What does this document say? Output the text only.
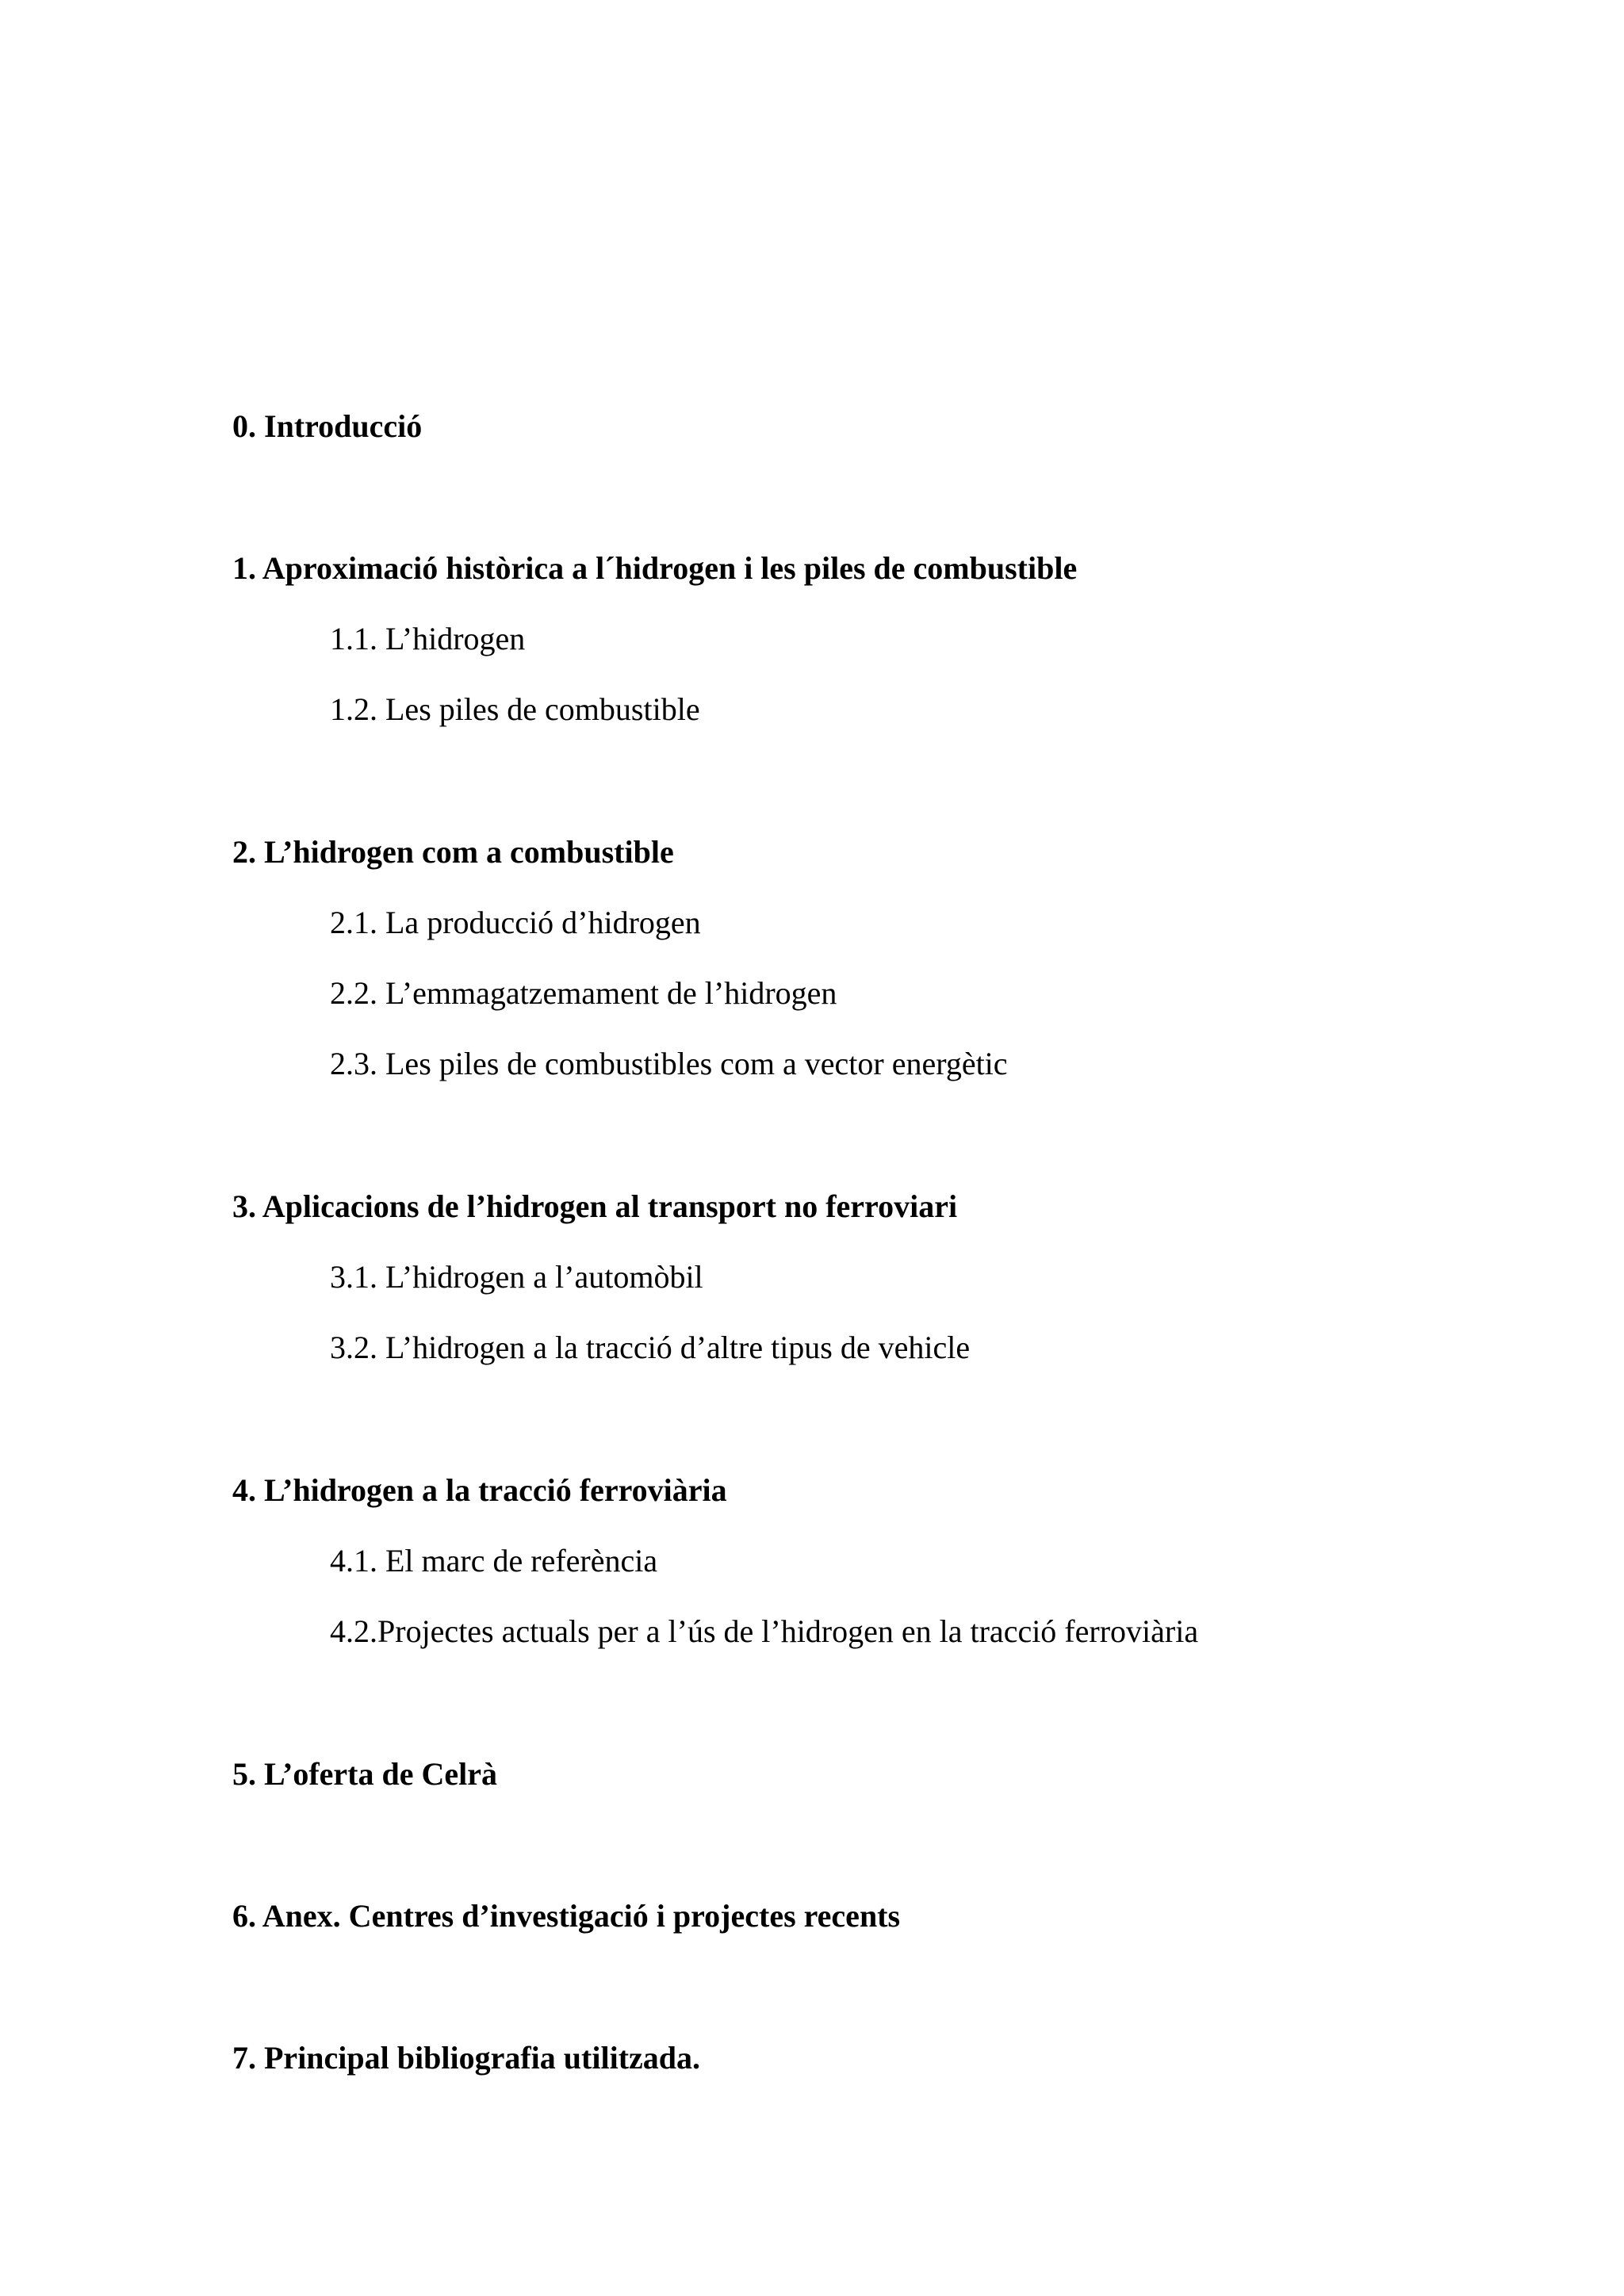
0. Introducció
1. Aproximació històrica a l´hidrogen i les piles de combustible
1.1. L’hidrogen
1.2. Les piles de combustible
2. L’hidrogen com a combustible
2.1. La producció d’hidrogen
2.2. L’emmagatzemament de l’hidrogen
2.3. Les piles de combustibles com a vector energètic
3. Aplicacions de l’hidrogen al transport no ferroviari
3.1. L’hidrogen a l’automòbil
3.2. L’hidrogen a la tracció d’altre tipus de vehicle
4. L’hidrogen a la tracció ferroviària
4.1. El marc de referència
4.2.Projectes actuals per a l’ús de l’hidrogen en la tracció ferroviària
5. L’oferta de Celrà
6. Anex. Centres d’investigació i projectes recents
7. Principal bibliografia utilitzada.
